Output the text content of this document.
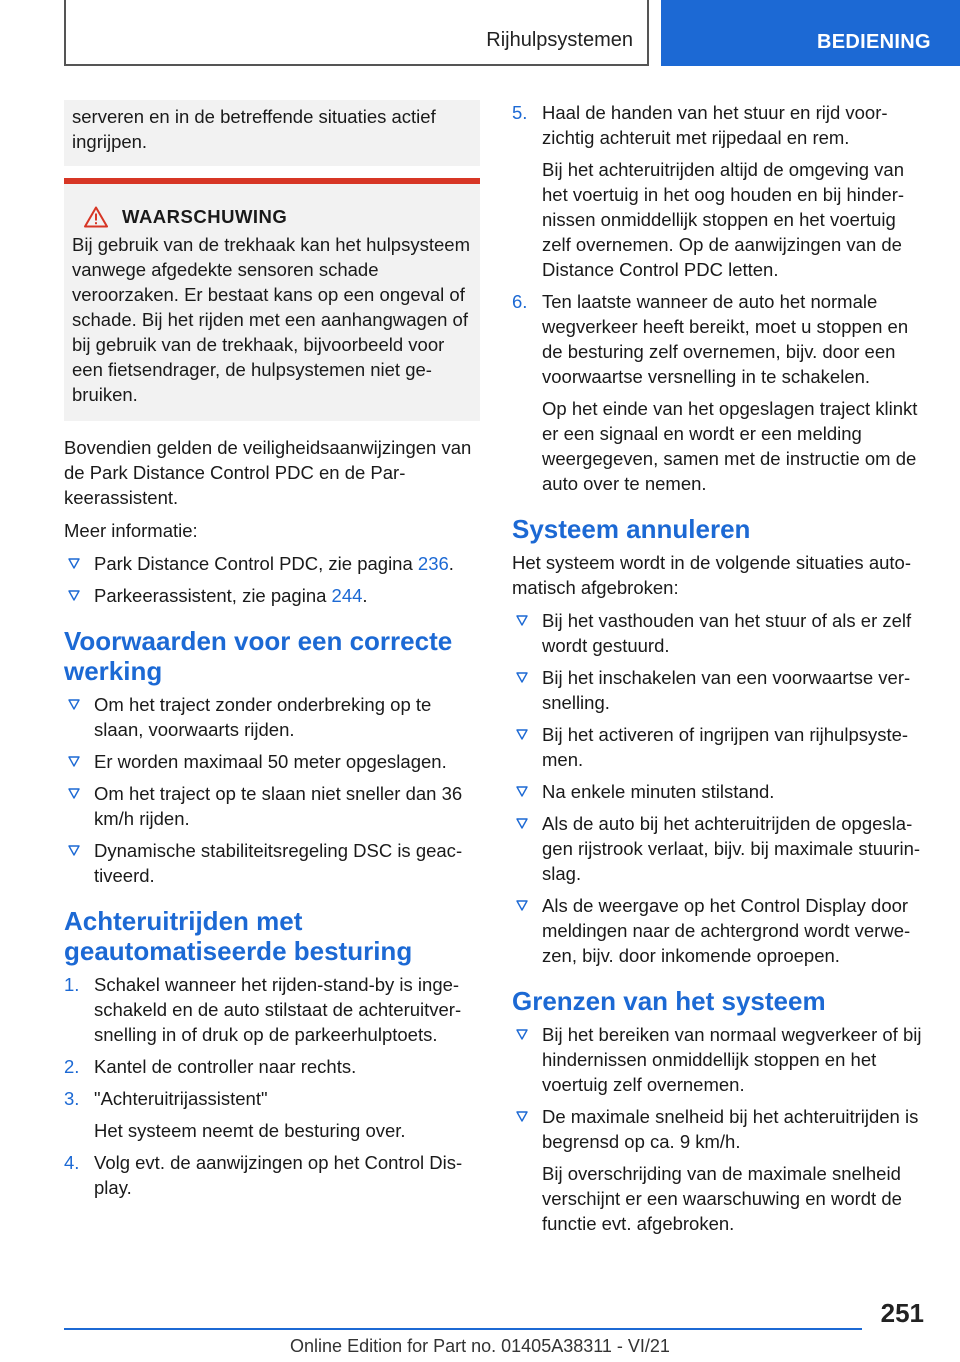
Rijhulpsystemen	BEDIENING

serveren en in de betreffende situaties actief ingrijpen.

WAARSCHUWING

Bij gebruik van de trekhaak kan het hulpsysteem vanwege afgedekte sensoren schade veroorzaken. Er bestaat kans op een ongeval of schade. Bij het rijden met een aanhangwagen of bij gebruik van de trekhaak, bijvoorbeeld voor een fietsendrager, de hulpsystemen niet gebruiken.

Bovendien gelden de veiligheidsaanwijzingen van de Park Distance Control PDC en de Parkeerassistent.

Meer informatie:

Park Distance Control PDC, zie pagina 236.
Parkeerassistent, zie pagina 244.
Voorwaarden voor een correcte werking
Om het traject zonder onderbreking op te slaan, voorwaarts rijden.
Er worden maximaal 50 meter opgeslagen.
Om het traject op te slaan niet sneller dan 36 km/h rijden.
Dynamische stabiliteitsregeling DSC is geactiveerd.
Achteruitrijden met geautomatiseerde besturing
1. Schakel wanneer het rijden-stand-by is ingeschakeld en de auto stilstaat de achteruitversnelling in of druk op de parkeerhulptoets.
2. Kantel de controller naar rechts.
3. "Achteruitrijassistent"
Het systeem neemt de besturing over.
4. Volg evt. de aanwijzingen op het Control Display.
5. Haal de handen van het stuur en rijd voorzichtig achteruit met rijpedaal en rem.
Bij het achteruitrijden altijd de omgeving van het voertuig in het oog houden en bij hindernissen onmiddellijk stoppen en het voertuig zelf overnemen. Op de aanwijzingen van de Distance Control PDC letten.
6. Ten laatste wanneer de auto het normale wegverkeer heeft bereikt, moet u stoppen en de besturing zelf overnemen, bijv. door een voorwaartse versnelling in te schakelen.
Op het einde van het opgeslagen traject klinkt er een signaal en wordt er een melding weergegeven, samen met de instructie om de auto over te nemen.
Systeem annuleren

Het systeem wordt in de volgende situaties automatisch afgebroken:

Bij het vasthouden van het stuur of als er zelf wordt gestuurd.
Bij het inschakelen van een voorwaartse versnelling.
Bij het activeren of ingrijpen van rijhulpsystemen.
Na enkele minuten stilstand.
Als de auto bij het achteruitrijden de opgeslagen rijstrook verlaat, bijv. bij maximale stuurinslag.
Als de weergave op het Control Display door meldingen naar de achtergrond wordt verwezen, bijv. door inkomende oproepen.
Grenzen van het systeem
Bij het bereiken van normaal wegverkeer of bij hindernissen onmiddellijk stoppen en het voertuig zelf overnemen.
De maximale snelheid bij het achteruitrijden is begrensd op ca. 9 km/h.
Bij overschrijding van de maximale snelheid verschijnt er een waarschuwing en wordt de functie evt. afgebroken.
251
Online Edition for Part no. 01405A38311 - VI/21
